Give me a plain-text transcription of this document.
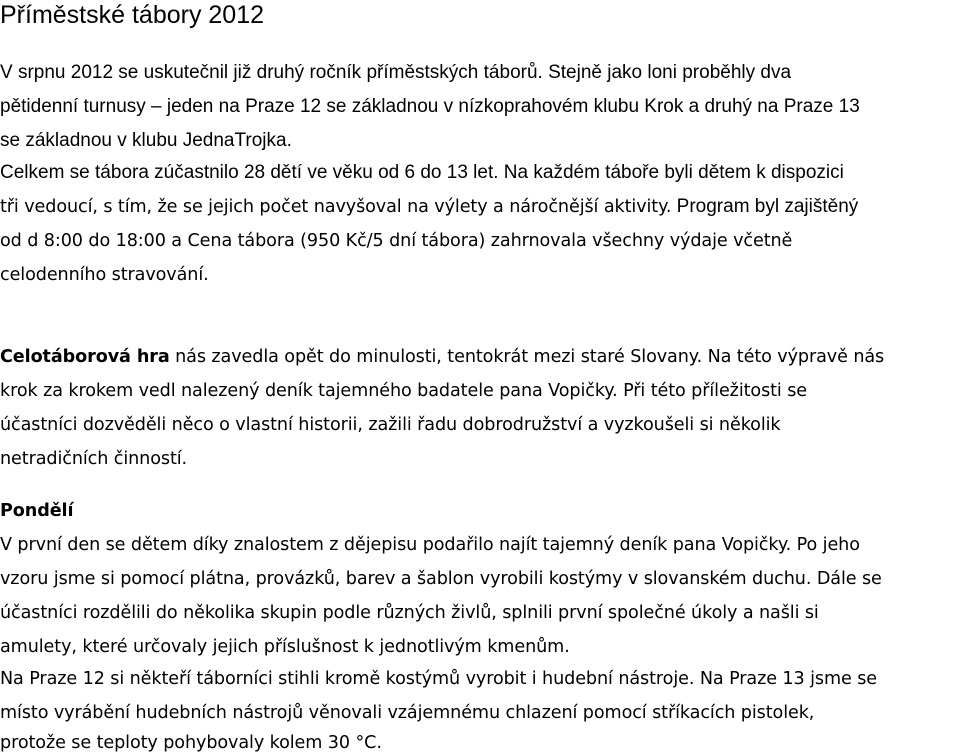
Příměstské tábory 2012

V srpnu 2012 se uskutečnil již druhý ročník příměstských táborů. Stejně jako loni proběhly dva

pětidenní turnusy – jeden na Praze 12 se základnou v nízkoprahovém klubu Krok a druhý na Praze 13

se základnou v klubu JednaTrojka.

Celkem se tábora zúčastnilo 28 dětí ve věku od 6 do 13 let. Na každém táboře byli dětem k dispozici

tři vedoucí, s tím, že se jejich počet navyšoval na výlety a náročnější aktivity. Program byl zajištěný

od d 8:00 do 18:00 a Cena tábora (950 Kč/5 dní tábora) zahrnovala všechny výdaje včetně

celodenního stravování.

Celotáborová hra nás zavedla opět do minulosti, tentokrát mezi staré Slovany. Na této výpravě nás

krok za krokem vedl nalezený deník tajemného badatele pana Vopičky. Při této příležitosti se

účastníci dozvěděli něco o vlastní historii, zažili řadu dobrodružství a vyzkoušeli si několik

netradičních činností.

Pondělí

V první den se dětem díky znalostem z dějepisu podařilo najít tajemný deník pana Vopičky. Po jeho

vzoru jsme si pomocí plátna, provázků, barev a šablon vyrobili kostýmy v slovanském duchu. Dále se

účastníci rozdělili do několika skupin podle různých živlů, splnili první společné úkoly a našli si

amulety, které určovaly jejich příslušnost k jednotlivým kmenům.

Na Praze 12 si někteří táborníci stihli kromě kostýmů vyrobit i hudební nástroje. Na Praze 13 jsme se

místo vyrábění hudebních nástrojů věnovali vzájemnému chlazení pomocí stříkacích pistolek,

protože se teploty pohybovaly kolem 30 °C.
